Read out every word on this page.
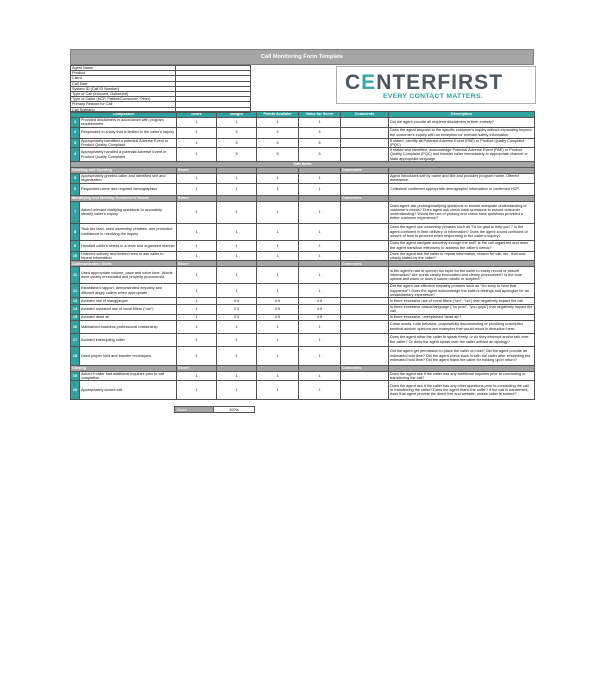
Call Monitoring Form Template
Agent Name	
Product	
Client	
Call Date	
System ID (Call ID Number)	
Type of Call (Inbound, Outbound)	
Type of Caller (HCP, Patient/Consumer, Other)	
Primary Reason for Call	
Call Scenario	
CENTERFIRST
EVERY CONTACT MATTERS.
Compliance		Score	Weight	Points Availabe	Value for Score	Comments	Description
1	Provided disclaimers in accordance with program requirements	1	1	1	1		Did the agent provide all required disclaimers in their entirety?
2	Responded in a way that is limited to the caller's inquiry	1	4	4	4		Does the agent respond to the specific customer's inquiry without expanding beyond the customer's inquiry with an exception for relevant safety information.
3	Appropriately identified a potential Adverse Event or Product Quality Complaint	1	5	5	5		If stated, identify all Potential Adverse Event (PAE) or Product Quality Complaint (PQC)
4	Appropriately handled a potential Adverse Event or Product Quality Complaint	1	5	5	5		If stated and identified, acknowledge Potential Adverse Event (PAE) or Product Quality Complaint (PQC) and transfer caller immediately to appropriate channel or state appropriate language
Soft Skills							
Greeting and Opening		Score				Comments	
5	Appropriately greeted caller and identified self and organization	1	1	1	1		Agent introduces self by name and title and provides program name. Offered assistance.
6	Requested name and required demographics	1	1	1	1		Collected/ confirmed appropriate demographic information or confirmed HCP.
Identifying and Meeting Customer's Needs		Score				Comments	
7	Asked relevant clarifying questions to accurately identify caller's inquiry	1	1	1	1		Does agent ask probing/clarifying questions to ensure adequate understanding of customer's needs? Does agent ask check back questions to ensure customer understanding? Would the use of probing and check back questions provided a better customer experience?
8	Took the lead, used ownership phrases, and promoted confidence in resolving the inquiry	1	1	1	1		Does the agent use ownership phrases such as "I'd be glad to help you"? Is the agent confident in their delivery of information? Does the agent sound confused or unsure of how to proceed when responding to the caller's inquiry?
9	Handled caller's needs in a clear and organized manner	1	1	1	1		Does the agent navigate smoothly through the call? Is the call organized and does the agent transition effectively to address the caller's needs?
10	Listened actively and limited need to ask caller to repeat information	1	1	1	1		Does the agent ask the caller to repeat information, reason for call, etc., that was clearly stated by the caller?
Communication Skills		Score				Comments	
11	Used appropriate volume, pace and voice tone. Words were clearly enunciated and properly pronounced.	1	1	1	1		Is the agent's rate of speech too rapid for the caller to easily record or absorb information? Are words clearly enunciated and clearly pronounced? Is the tone upbeat and warm or does it sound robotic or scripted?
12	Established rapport, demonstrated empathy and diffused angry callers when appropriate	1	1	1	1		Did the agent use effective empathy phrases such as "I'm sorry to hear that happened"? Does the agent acknowledge the caller's feelings and apologize for an unsatisfactory experience?
13	Avoided use of slang/jargon	1	0.5	0.5	0.5		Is there excessive use of vocal fillers ("um", "uh") that negatively impact the call
14	Avoided repeated use of vocal fillers ("um")	1	0.5	0.5	0.5		Is there excessive casual language ("no prob", "you guys") that negatively impact the call
15	Avoided dead air	1	0.5	0.5	0.5		Is there excessive, unexplained 'dead air'?
16	Maintained business professional relationship	1	1	1	1		Curse words, rude behavior, purposefully disconnecting or providing unscripted medical advice/ opinions are examples that would result in deduction here.
17	Avoided interrupting caller	1	1	1	1		Does the agent allow the caller to speak freely, or do they interrupt and/or talk over the caller? Or does the agent speak over the caller without an apology?
18	Used proper hold and transfer techniques	1	1	1	1		Did the agent get permission to place the caller on hold? Did the agent provide an estimated hold time? Did the agent check back in with the caller after exceeding the estimated hold time? Did the agent thank the caller for holding upon return?
Closing		Score				Comments	
19	Asked if caller had additional inquiries prior to call completion	1	1	1	1		Does the agent ask if the caller has any additional inquiries prior to concluding or transferring the call?
20	Appropriately closed call	1	1	1	1		Does the agent ask if the caller has any other questions prior to concluding the call or transferring the caller? Does the agent thank the caller? If the call is transferred, does that agent provide the direct line and website, unless caller is rushed?
Score	100%
